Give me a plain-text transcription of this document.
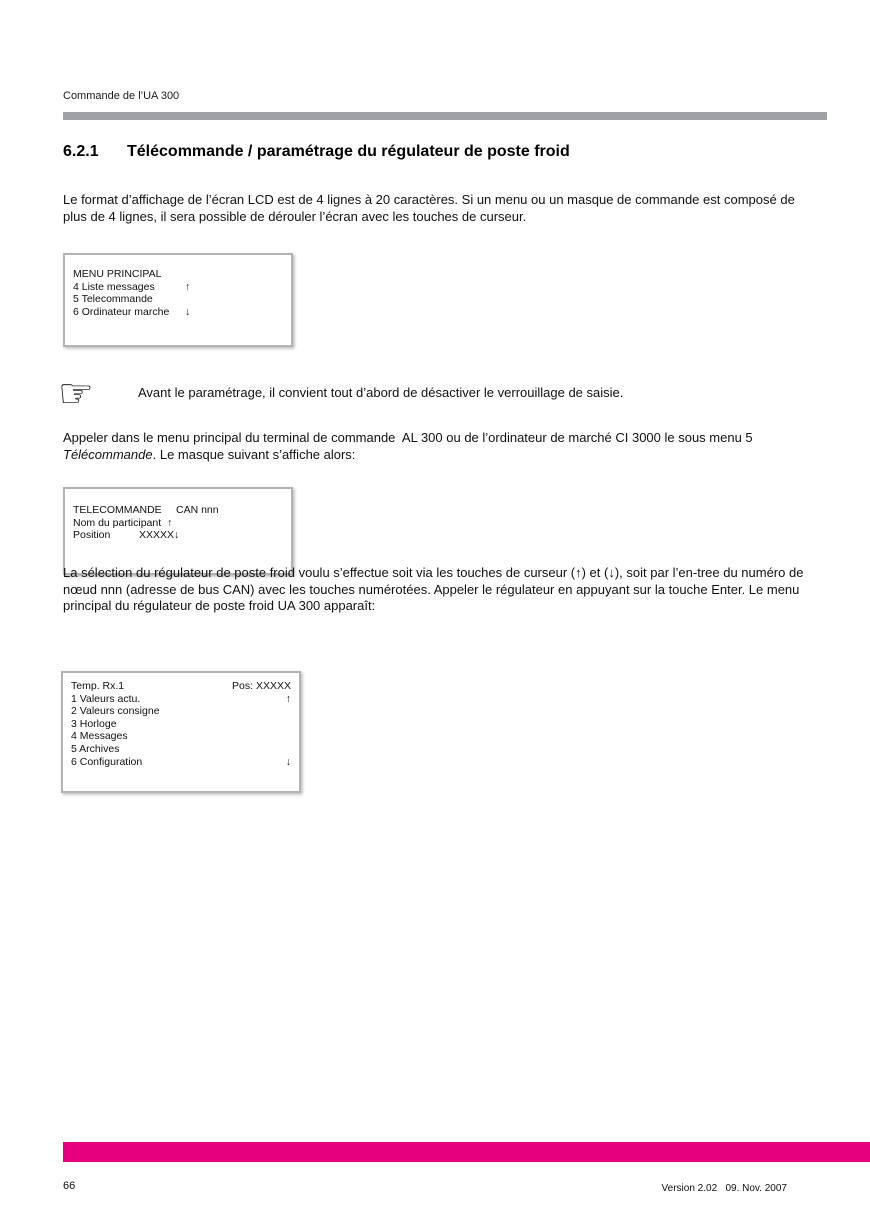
Commande de l’UA 300
6.2.1	Télécommande / paramétrage du régulateur de poste froid

Le format d’affichage de l’écran LCD est de 4 lignes à 20 caractères. Si un menu ou un masque de commande est composé de plus de 4 lignes, il sera possible de dérouler l’écran avec les touches de curseur.

MENU PRINCIPAL
4 Liste messages	↑
5 Telecommande
6 Ordinateur marche	↓
☞	Avant le paramétrage, il convient tout d’abord de désactiver le verrouillage de saisie.

Appeler dans le menu principal du terminal de commande  AL 300 ou de l’ordinateur de marché CI 3000 le sous menu 5 Télécommande. Le masque suivant s’affiche alors:

TELECOMMANDE	CAN nnn
Nom du participant ↑
Position	XXXXX↓

La sélection du régulateur de poste froid voulu s’effectue soit via les touches de curseur (↑) et (↓), soit par l’en-tree du numéro de nœud nnn (adresse de bus CAN) avec les touches numérotées. Appeler le régulateur en appuyant sur la touche Enter. Le menu principal du régulateur de poste froid UA 300 apparaît:

Temp. Rx.1	Pos: XXXXX
1 Valeurs actu.	↑
2 Valeurs consigne
3 Horloge
4 Messages
5 Archives
6 Configuration	↓
66	Version 2.02   09. Nov. 2007
